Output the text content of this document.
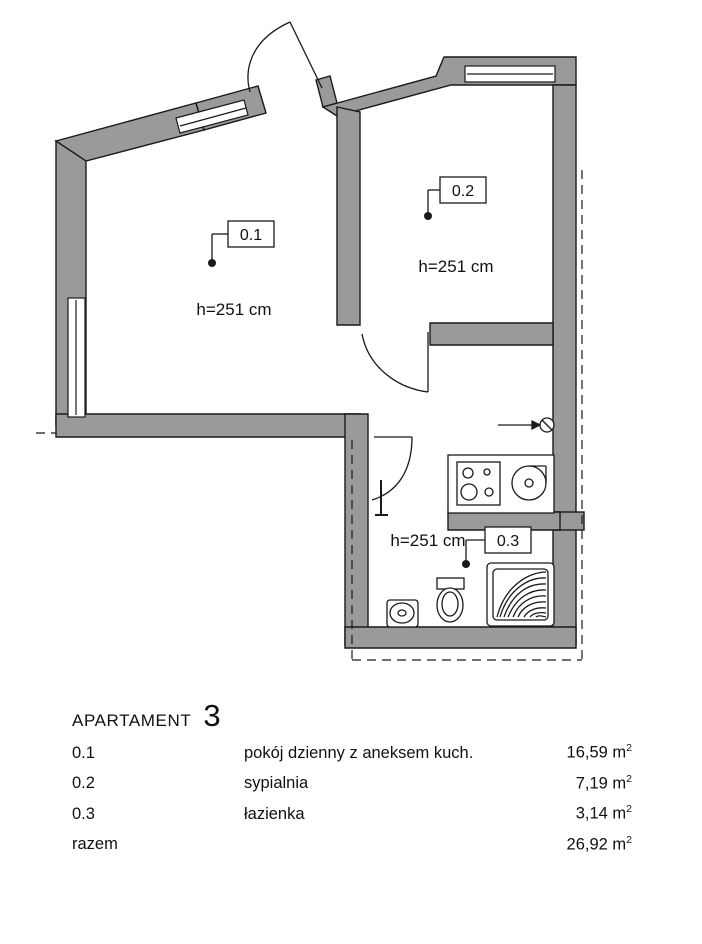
0.1
h=251 cm
0.2
h=251 cm
0.3
h=251 cm
APARTAMENT 3
0.1	pokój dzienny z aneksem kuch.	16,59 $m^2$
0.2	sypialnia	7,19 $m^2$
0.3	łazienka	3,14 $m^2$
razem		26,92 $m^2$
